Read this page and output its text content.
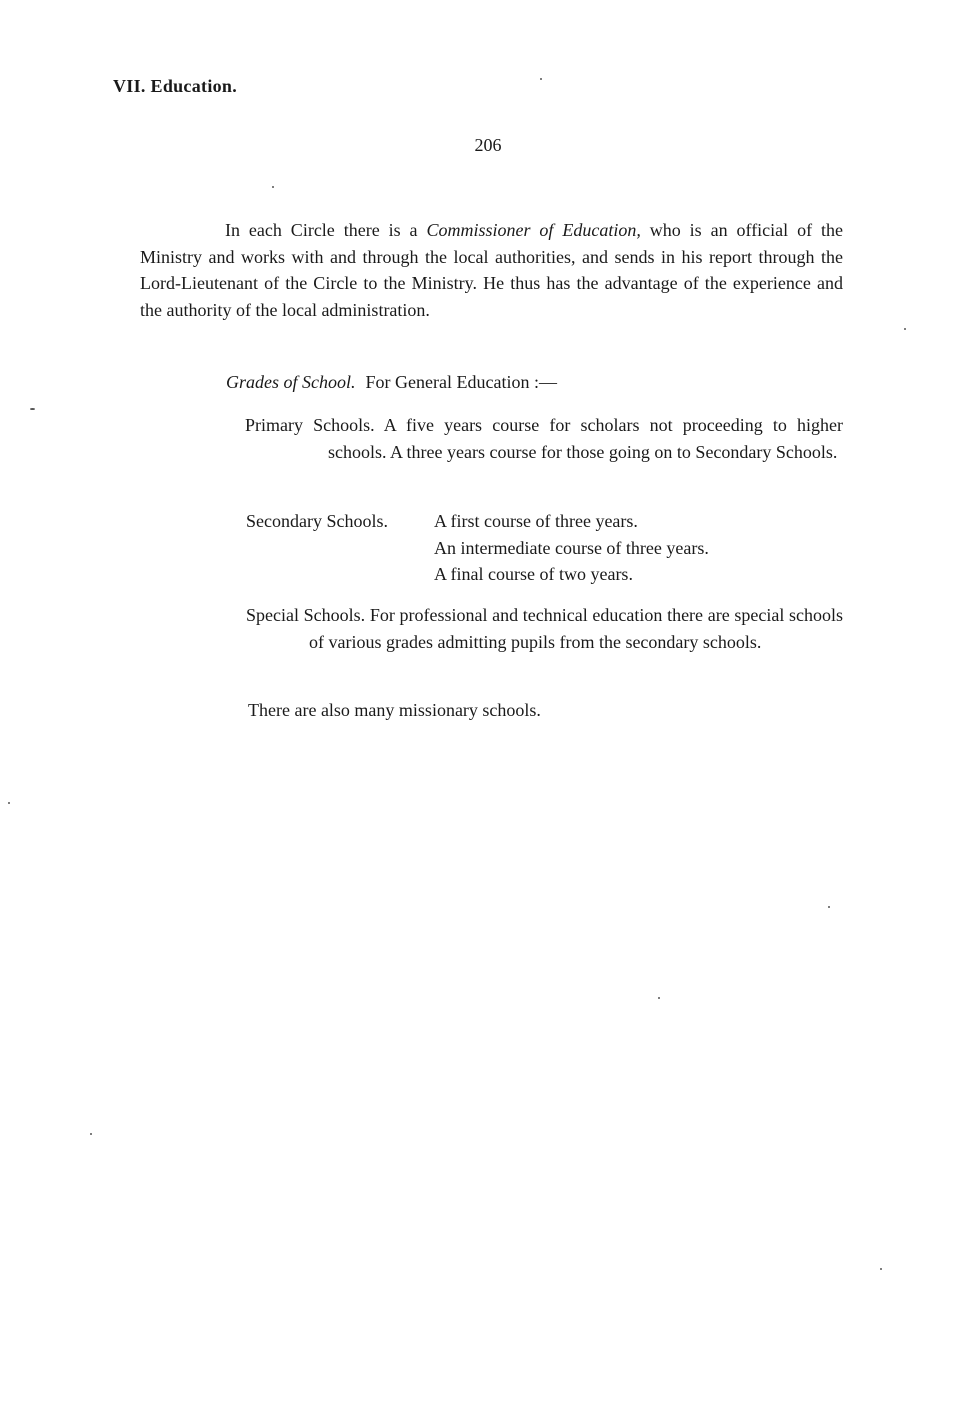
VII. Education.
206

In each Circle there is a Commissioner of Education, who is an official of the Ministry and works with and through the local authorities, and sends in his report through the Lord-Lieutenant of the Circle to the Ministry. He thus has the advantage of the experience and the authority of the local administration.

Grades of School. For General Education :—

Primary Schools. A five years course for scholars not proceeding to higher schools. A three years course for those going on to Secondary Schools.

Secondary Schools.	A first course of three years.
An intermediate course of three years.
A final course of two years.

Special Schools. For professional and technical education there are special schools of various grades admitting pupils from the secondary schools.

There are also many missionary schools.
